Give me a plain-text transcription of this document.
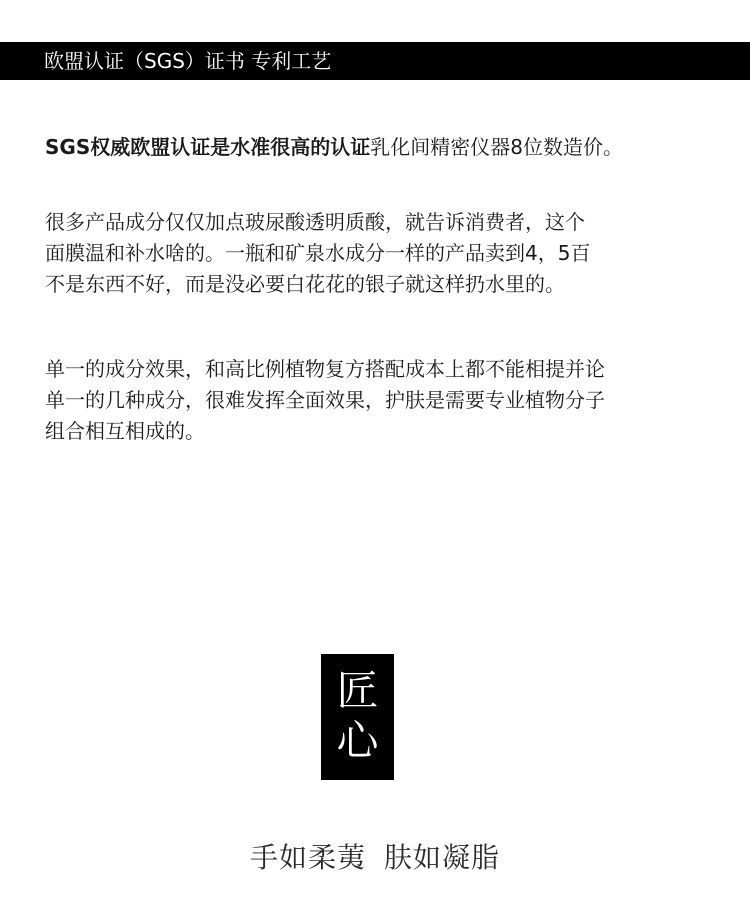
欧盟认证（SGS）证书 专利工艺

SGS权威欧盟认证是水准很高的认证乳化间精密仪器8位数造价。

很多产品成分仅仅加点玻尿酸透明质酸，就告诉消费者，这个
面膜温和补水啥的。一瓶和矿泉水成分一样的产品卖到4，5百
不是东西不好，而是没必要白花花的银子就这样扔水里的。

单一的成分效果，和高比例植物复方搭配成本上都不能相提并论
单一的几种成分，很难发挥全面效果，护肤是需要专业植物分子
组合相互相成的。

匠
心
手如柔荑 肤如凝脂
